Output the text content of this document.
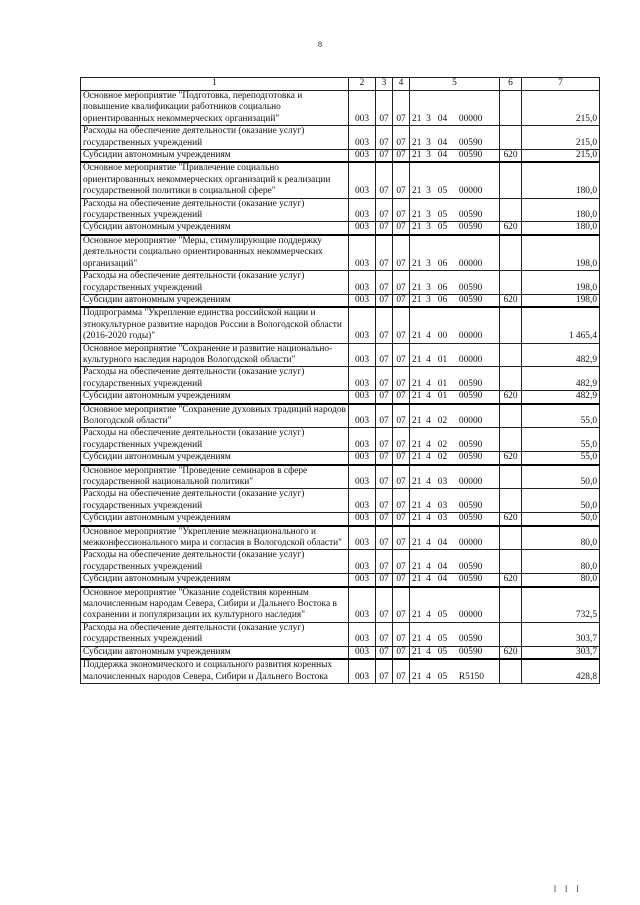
8
1	2	3	4	5	6	7
Основное мероприятие "Подготовка, переподготовка и повышение квалификации работников социально ориентированных некоммерческих организаций"	003	07	07	21  3   04     00000		215,0
Расходы на обеспечение деятельности (оказание услуг) государственных учреждений	003	07	07	21  3   04     00590		215,0
Субсидии автономным учреждениям	003	07	07	21  3   04     00590	620	215,0
Основное мероприятие "Привлечение социально ориентированных некоммерческих организаций к реализации государственной политики в социальной сфере"	003	07	07	21  3   05     00000		180,0
Расходы на обеспечение деятельности (оказание услуг) государственных учреждений	003	07	07	21  3   05     00590		180,0
Субсидии автономным учреждениям	003	07	07	21  3   05     00590	620	180,0
Основное мероприятие "Меры, стимулирующие поддержку деятельности социально ориентированных некоммерческих организаций"	003	07	07	21  3   06     00000		198,0
Расходы на обеспечение деятельности (оказание услуг) государственных учреждений	003	07	07	21  3   06     00590		198,0
Субсидии автономным учреждениям	003	07	07	21  3   06     00590	620	198,0
Подпрограмма "Укрепление единства российской нации и этнокультурное развитие народов России в Вологодской области (2016-2020 годы)"	003	07	07	21  4   00     00000		1 465,4
Основное мероприятие "Сохранение и развитие национально-культурного наследия народов Вологодской области"	003	07	07	21  4   01     00000		482,9
Расходы на обеспечение деятельности (оказание услуг) государственных учреждений	003	07	07	21  4   01     00590		482,9
Субсидии автономным учреждениям	003	07	07	21  4   01     00590	620	482,9
Основное мероприятие "Сохранение духовных традиций народов Вологодской области"	003	07	07	21  4   02     00000		55,0
Расходы на обеспечение деятельности (оказание услуг) государственных учреждений	003	07	07	21  4   02     00590		55,0
Субсидии автономным учреждениям	003	07	07	21  4   02     00590	620	55,0
Основное мероприятие "Проведение семинаров в сфере государственной национальной политики"	003	07	07	21  4   03     00000		50,0
Расходы на обеспечение деятельности (оказание услуг) государственных учреждений	003	07	07	21  4   03     00590		50,0
Субсидии автономным учреждениям	003	07	07	21  4   03     00590	620	50,0
Основное мероприятие "Укрепление межнационального и межконфессионального мира и согласия в Вологодской области"	003	07	07	21  4   04     00000		80,0
Расходы на обеспечение деятельности (оказание услуг) государственных учреждений	003	07	07	21  4   04     00590		80,0
Субсидии автономным учреждениям	003	07	07	21  4   04     00590	620	80,0
Основное мероприятие "Оказание содействия коренным малочисленным народам Севера, Сибири и Дальнего Востока в сохранении и популяризации их культурного наследия"	003	07	07	21  4   05     00000		732,5
Расходы на обеспечение деятельности (оказание услуг) государственных учреждений	003	07	07	21  4   05     00590		303,7
Субсидии автономным учреждениям	003	07	07	21  4   05     00590	620	303,7
Поддержка экономического и социального развития коренных малочисленных народов Севера, Сибири и Дальнего Востока	003	07	07	21  4   05     R5150		428,8
I I I
